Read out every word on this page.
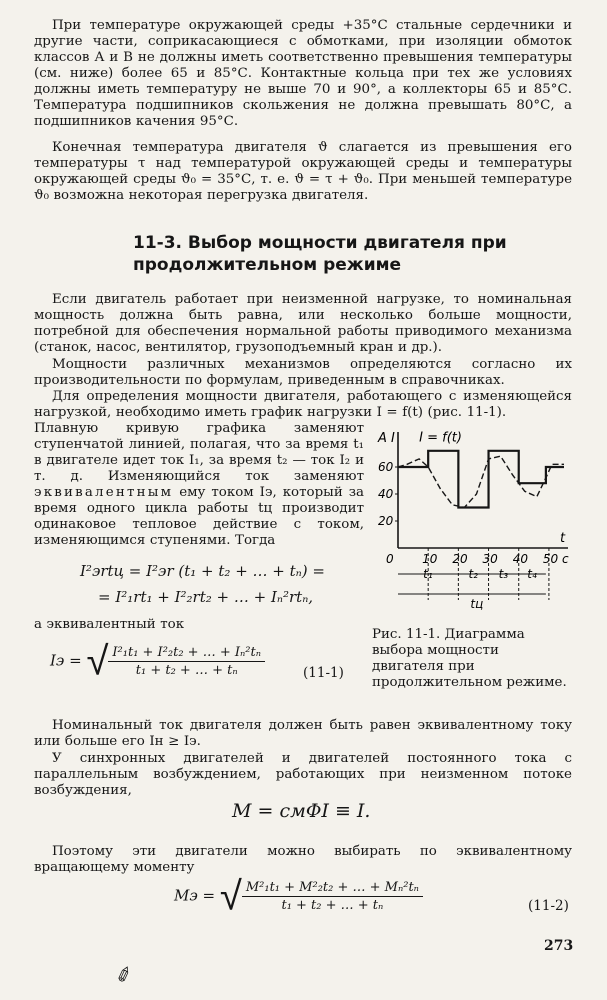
При температуре окружающей среды +35°С стальные сердечники и другие части, соприкасающиеся с обмотками, при изоляции обмоток классов А и В не должны иметь соответственно превышения температуры (см. ниже) более 65 и 85°С. Контактные кольца при тех же условиях должны иметь температуру не выше 70 и 90°, а коллекторы 65 и 85°С. Температура подшипников скольжения не должна превышать 80°С, а подшипников качения 95°С.

Конечная температура двигателя ϑ слагается из превышения его температуры τ над температурой окружающей среды и температуры окружающей среды ϑ₀ = 35°С, т. е. ϑ = τ + ϑ₀. При меньшей температуре ϑ₀ возможна некоторая перегрузка двигателя.

11-3. Выбор мощности двигателя при продолжительном режиме

Если двигатель работает при неизменной нагрузке, то номинальная мощность должна быть равна, или несколько больше мощности, потребной для обеспечения нормальной работы приводимого механизма (станок, насос, вентилятор, грузоподъемный кран и др.).

Мощности различных механизмов определяются согласно их производительности по формулам, приведенным в справочниках.

Для определения мощности двигателя, работающего с изменяющейся нагрузкой, необходимо иметь график нагрузки I = f(t) (рис. 11-1).

Плавную кривую графика заменяют ступенчатой линией, полагая, что за время t₁ в двигателе идет ток I₁, за время t₂ — ток I₂ и т. д. Изменяющийся ток заменяют эквивалентным ему током Iэ, который за время одного цикла работы tц производит одинаковое тепловое действие с током, изменяющимся ступенями. Тогда

I²эrtц = I²эr (t₁ + t₂ + … + tₙ) =
= I²₁rt₁ + I²₂rt₂ + … + Iₙ²rtₙ,

а эквивалентный ток

Iэ = √ $\frac{\text{I²₁t₁ + I²₂t₂ + … + Iₙ²tₙ}}{\text{t₁ + t₂ + … + tₙ}}$	(11-1)
A I
t
I = f(t)
20
40
60
0 10 20 30 40 50 c
t₁	t₂ t₃ t₄
tц

Рис. 11-1. Диаграмма выбора мощности двигателя при продолжительном режиме.

Номинальный ток двигателя должен быть равен эквивалентному току или больше его Iн ≥ Iэ.

У синхронных двигателей и двигателей постоянного тока с параллельным возбуждением, работающих при неизменном потоке возбуждения,

M = cмΦI ≡ I.

Поэтому эти двигатели можно выбирать по эквивалентному вращающему моменту

Mэ = √ $\frac{\text{M²₁t₁ + M²₂t₂ + … + Mₙ²tₙ}}{\text{t₁ + t₂ + … + tₙ}}$	(11-2)
273
✐
